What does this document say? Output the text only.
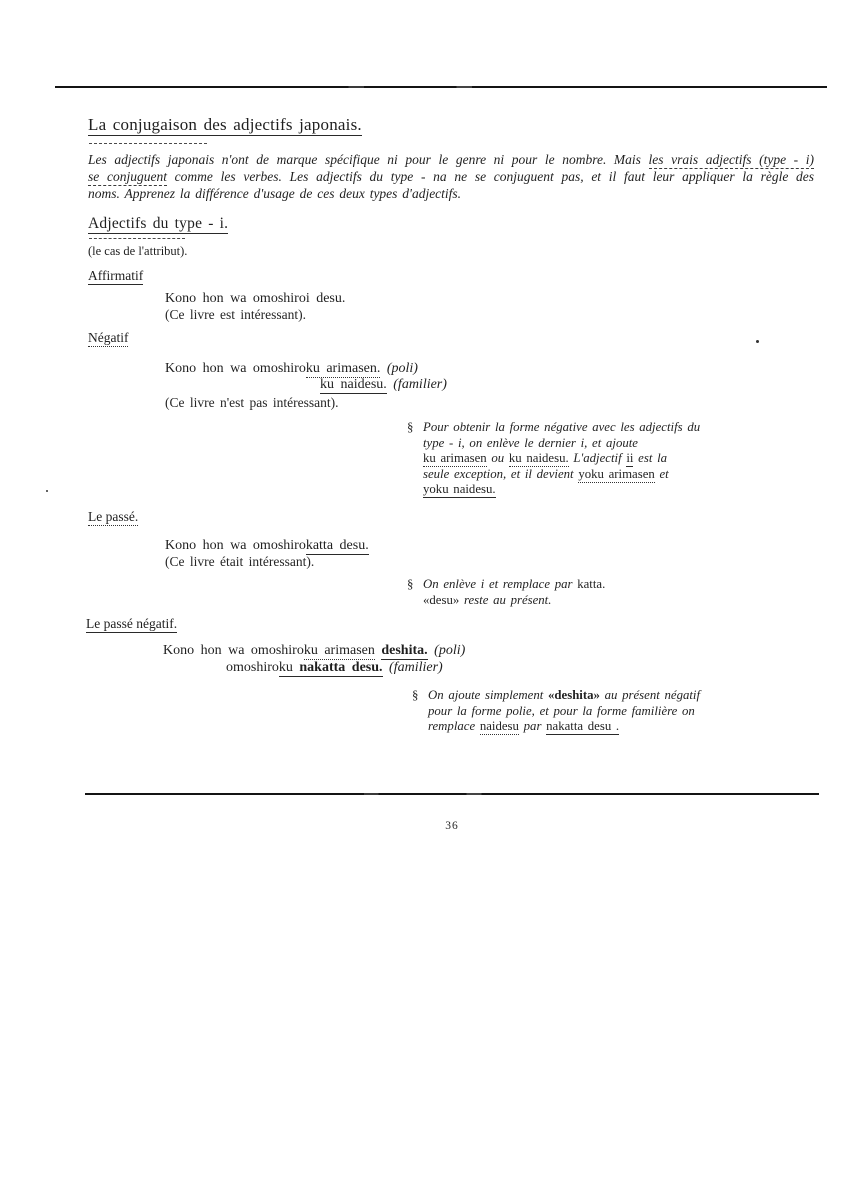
La conjugaison des adjectifs japonais.
Les adjectifs japonais n'ont de marque spécifique ni pour le genre ni pour le nombre. Mais les vrais adjectifs (type - i)
se conjuguent comme les verbes. Les adjectifs du type - na ne se conjuguent pas, et il faut leur appliquer la règle des
noms. Apprenez la différence d'usage de ces deux types d'adjectifs.
Adjectifs du type - i.
(le cas de l'attribut).
Affirmatif
Kono hon wa omoshiroi desu.
(Ce livre est intéressant).
Négatif
Kono hon wa omoshiroku arimasen. (poli)
ku naidesu. (familier)
(Ce livre n'est pas intéressant).
§ Pour obtenir la forme négative avec les adjectifs du
type - i, on enlève le dernier i, et ajoute
ku arimasen ou ku naidesu. L'adjectif ii est la
seule exception, et il devient yoku arimasen et
yoku naidesu.
Le passé.
Kono hon wa omoshirokatta desu.
(Ce livre était intéressant).
§ On enlève i et remplace par katta.
«desu» reste au présent.
Le passé négatif.
Kono hon wa omoshiroku arimasen deshita. (poli)
omoshiroku nakatta desu. (familier)
§ On ajoute simplement «deshita» au présent négatif
pour la forme polie, et pour la forme familière on
remplace naidesu par nakatta desu .
36
